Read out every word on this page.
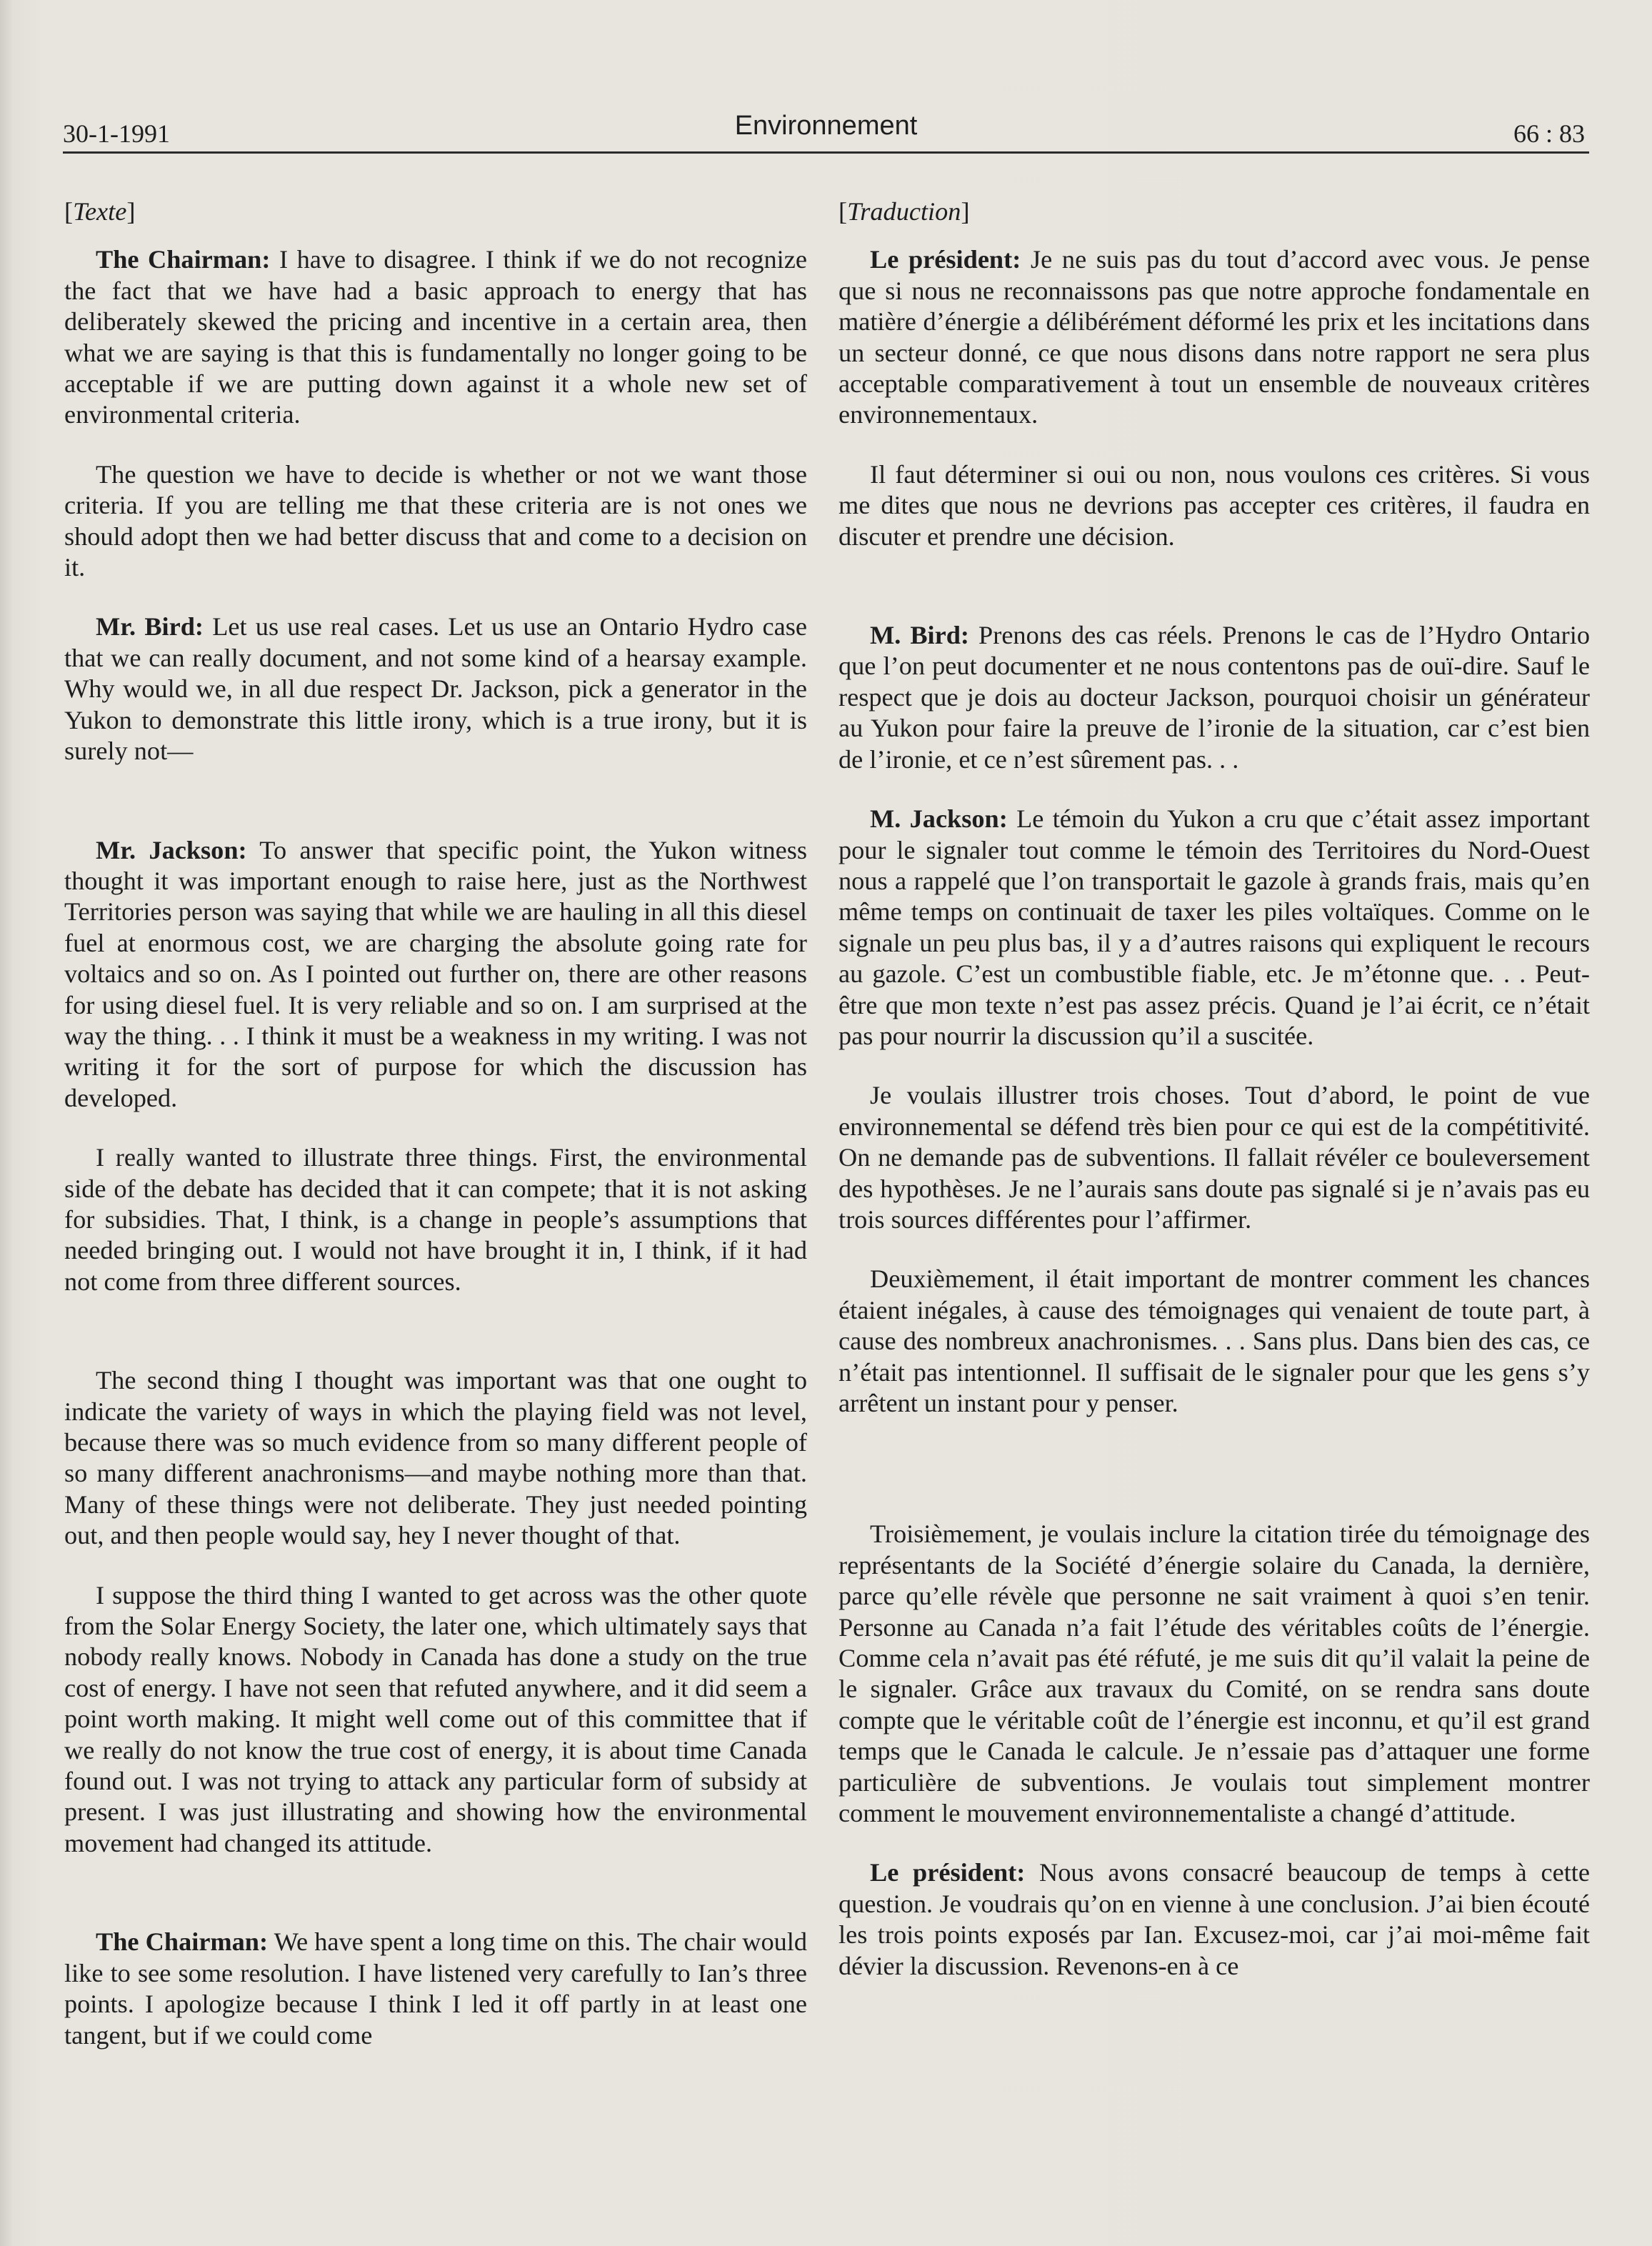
30-1-1991	Environnement	66 : 83

[Texte]

The Chairman: I have to disagree. I think if we do not recognize the fact that we have had a basic approach to energy that has deliberately skewed the pricing and incentive in a certain area, then what we are saying is that this is fundamentally no longer going to be acceptable if we are putting down against it a whole new set of environmental criteria.

The question we have to decide is whether or not we want those criteria. If you are telling me that these criteria are is not ones we should adopt then we had better discuss that and come to a decision on it.

Mr. Bird: Let us use real cases. Let us use an Ontario Hydro case that we can really document, and not some kind of a hearsay example. Why would we, in all due respect Dr. Jackson, pick a generator in the Yukon to demonstrate this little irony, which is a true irony, but it is surely not—

Mr. Jackson: To answer that specific point, the Yukon witness thought it was important enough to raise here, just as the Northwest Territories person was saying that while we are hauling in all this diesel fuel at enormous cost, we are charging the absolute going rate for voltaics and so on. As I pointed out further on, there are other reasons for using diesel fuel. It is very reliable and so on. I am surprised at the way the thing. . . I think it must be a weakness in my writing. I was not writing it for the sort of purpose for which the discussion has developed.

I really wanted to illustrate three things. First, the environmental side of the debate has decided that it can compete; that it is not asking for subsidies. That, I think, is a change in people’s assumptions that needed bringing out. I would not have brought it in, I think, if it had not come from three different sources.

The second thing I thought was important was that one ought to indicate the variety of ways in which the playing field was not level, because there was so much evidence from so many different people of so many different anachronisms—and maybe nothing more than that. Many of these things were not deliberate. They just needed pointing out, and then people would say, hey I never thought of that.

I suppose the third thing I wanted to get across was the other quote from the Solar Energy Society, the later one, which ultimately says that nobody really knows. Nobody in Canada has done a study on the true cost of energy. I have not seen that refuted anywhere, and it did seem a point worth making. It might well come out of this committee that if we really do not know the true cost of energy, it is about time Canada found out. I was not trying to attack any particular form of subsidy at present. I was just illustrating and showing how the environmental movement had changed its attitude.

The Chairman: We have spent a long time on this. The chair would like to see some resolution. I have listened very carefully to Ian’s three points. I apologize because I think I led it off partly in at least one tangent, but if we could come

[Traduction]

Le président: Je ne suis pas du tout d’accord avec vous. Je pense que si nous ne reconnaissons pas que notre approche fondamentale en matière d’énergie a délibérément déformé les prix et les incitations dans un secteur donné, ce que nous disons dans notre rapport ne sera plus acceptable comparativement à tout un ensemble de nouveaux critères environnementaux.

Il faut déterminer si oui ou non, nous voulons ces critères. Si vous me dites que nous ne devrions pas accepter ces critères, il faudra en discuter et prendre une décision.

M. Bird: Prenons des cas réels. Prenons le cas de l’Hydro Ontario que l’on peut documenter et ne nous contentons pas de ouï-dire. Sauf le respect que je dois au docteur Jackson, pourquoi choisir un générateur au Yukon pour faire la preuve de l’ironie de la situation, car c’est bien de l’ironie, et ce n’est sûrement pas. . .

M. Jackson: Le témoin du Yukon a cru que c’était assez important pour le signaler tout comme le témoin des Territoires du Nord-Ouest nous a rappelé que l’on transportait le gazole à grands frais, mais qu’en même temps on continuait de taxer les piles voltaïques. Comme on le signale un peu plus bas, il y a d’autres raisons qui expliquent le recours au gazole. C’est un combustible fiable, etc. Je m’étonne que. . . Peut-être que mon texte n’est pas assez précis. Quand je l’ai écrit, ce n’était pas pour nourrir la discussion qu’il a suscitée.

Je voulais illustrer trois choses. Tout d’abord, le point de vue environnemental se défend très bien pour ce qui est de la compétitivité. On ne demande pas de subventions. Il fallait révéler ce bouleversement des hypothèses. Je ne l’aurais sans doute pas signalé si je n’avais pas eu trois sources différentes pour l’affirmer.

Deuxièmement, il était important de montrer comment les chances étaient inégales, à cause des témoignages qui venaient de toute part, à cause des nombreux anachronismes. . . Sans plus. Dans bien des cas, ce n’était pas intentionnel. Il suffisait de le signaler pour que les gens s’y arrêtent un instant pour y penser.

Troisièmement, je voulais inclure la citation tirée du témoignage des représentants de la Société d’énergie solaire du Canada, la dernière, parce qu’elle révèle que personne ne sait vraiment à quoi s’en tenir. Personne au Canada n’a fait l’étude des véritables coûts de l’énergie. Comme cela n’avait pas été réfuté, je me suis dit qu’il valait la peine de le signaler. Grâce aux travaux du Comité, on se rendra sans doute compte que le véritable coût de l’énergie est inconnu, et qu’il est grand temps que le Canada le calcule. Je n’essaie pas d’attaquer une forme particulière de subventions. Je voulais tout simplement montrer comment le mouvement environnementaliste a changé d’attitude.

Le président: Nous avons consacré beaucoup de temps à cette question. Je voudrais qu’on en vienne à une conclusion. J’ai bien écouté les trois points exposés par Ian. Excusez-moi, car j’ai moi-même fait dévier la discussion. Revenons-en à ce
